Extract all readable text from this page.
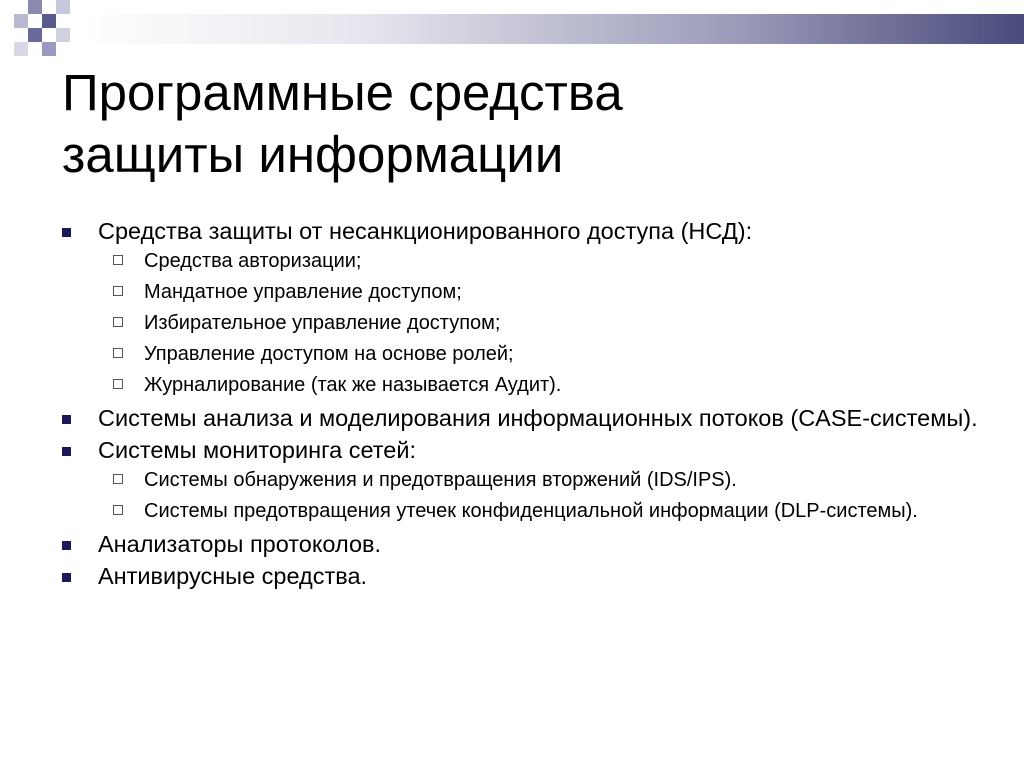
Программные средства
защиты информации
Средства защиты от несанкционированного доступа (НСД):
Средства авторизации;
Мандатное управление доступом;
Избирательное управление доступом;
Управление доступом на основе ролей;
Журналирование (так же называется Аудит).
Системы анализа и моделирования информационных потоков (CASE-системы).
Системы мониторинга сетей:
Системы обнаружения и предотвращения вторжений (IDS/IPS).
Системы предотвращения утечек конфиденциальной информации (DLP-системы).
Анализаторы протоколов.
Антивирусные средства.
